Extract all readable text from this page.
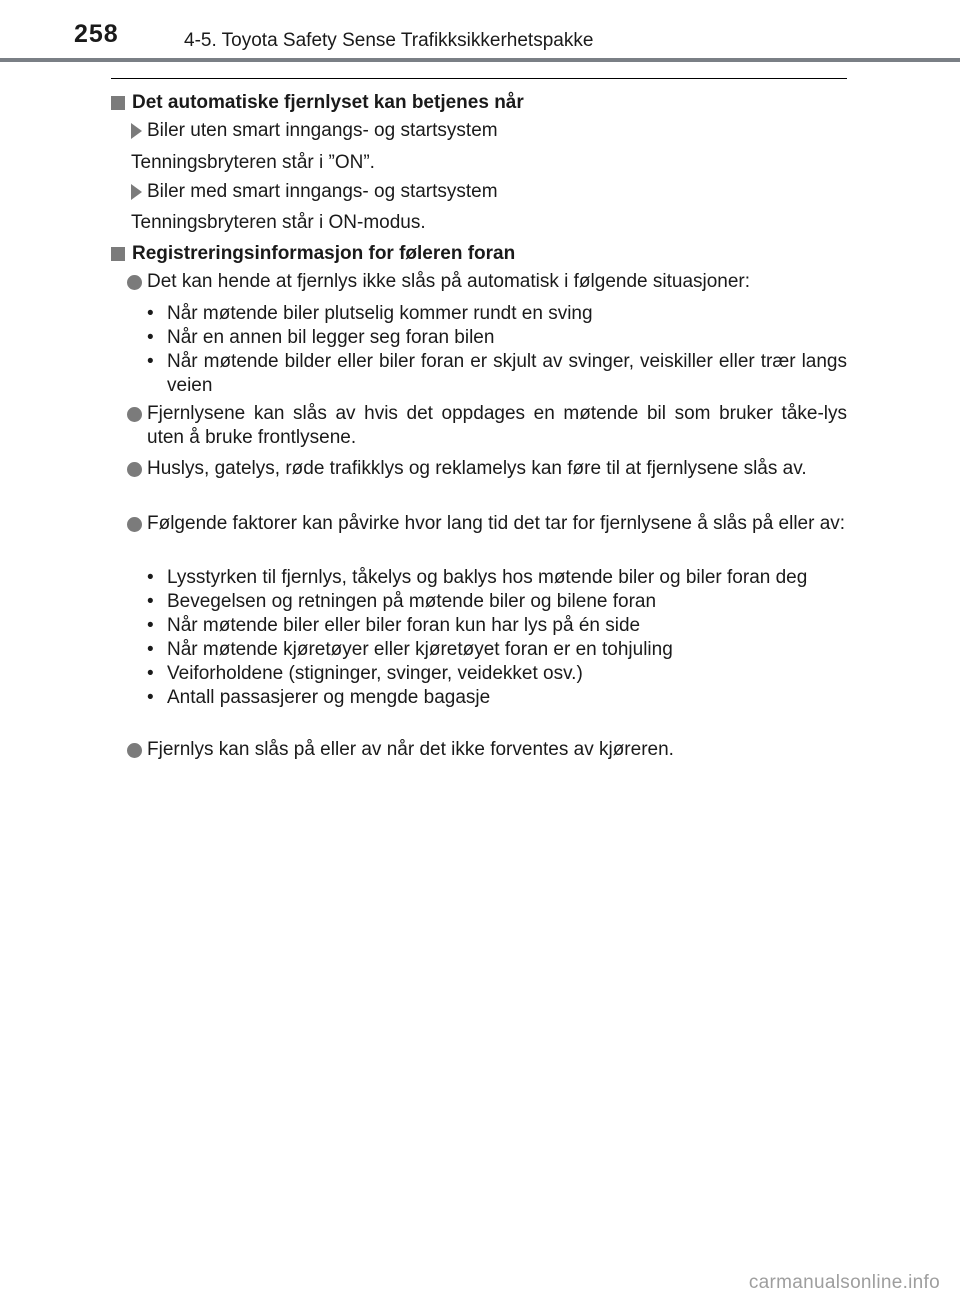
258	4-5. Toyota Safety Sense Trafikksikkerhetspakke
Det automatiske fjernlyset kan betjenes når
Biler uten smart inngangs- og startsystem
Tenningsbryteren står i ”ON”.
Biler med smart inngangs- og startsystem
Tenningsbryteren står i ON-modus.
Registreringsinformasjon for føleren foran
Det kan hende at fjernlys ikke slås på automatisk i følgende situasjoner:
• Når møtende biler plutselig kommer rundt en sving
• Når en annen bil legger seg foran bilen
• Når møtende bilder eller biler foran er skjult av svinger, veiskiller eller trær langs veien
Fjernlysene kan slås av hvis det oppdages en møtende bil som bruker tåke-lys uten å bruke frontlysene.
Huslys, gatelys, røde trafikklys og reklamelys kan føre til at fjernlysene slås av.
Følgende faktorer kan påvirke hvor lang tid det tar for fjernlysene å slås på eller av:
• Lysstyrken til fjernlys, tåkelys og baklys hos møtende biler og biler foran deg
• Bevegelsen og retningen på møtende biler og bilene foran
• Når møtende biler eller biler foran kun har lys på én side
• Når møtende kjøretøyer eller kjøretøyet foran er en tohjuling
• Veiforholdene (stigninger, svinger, veidekket osv.)
• Antall passasjerer og mengde bagasje
Fjernlys kan slås på eller av når det ikke forventes av kjøreren.
carmanualsonline.info
